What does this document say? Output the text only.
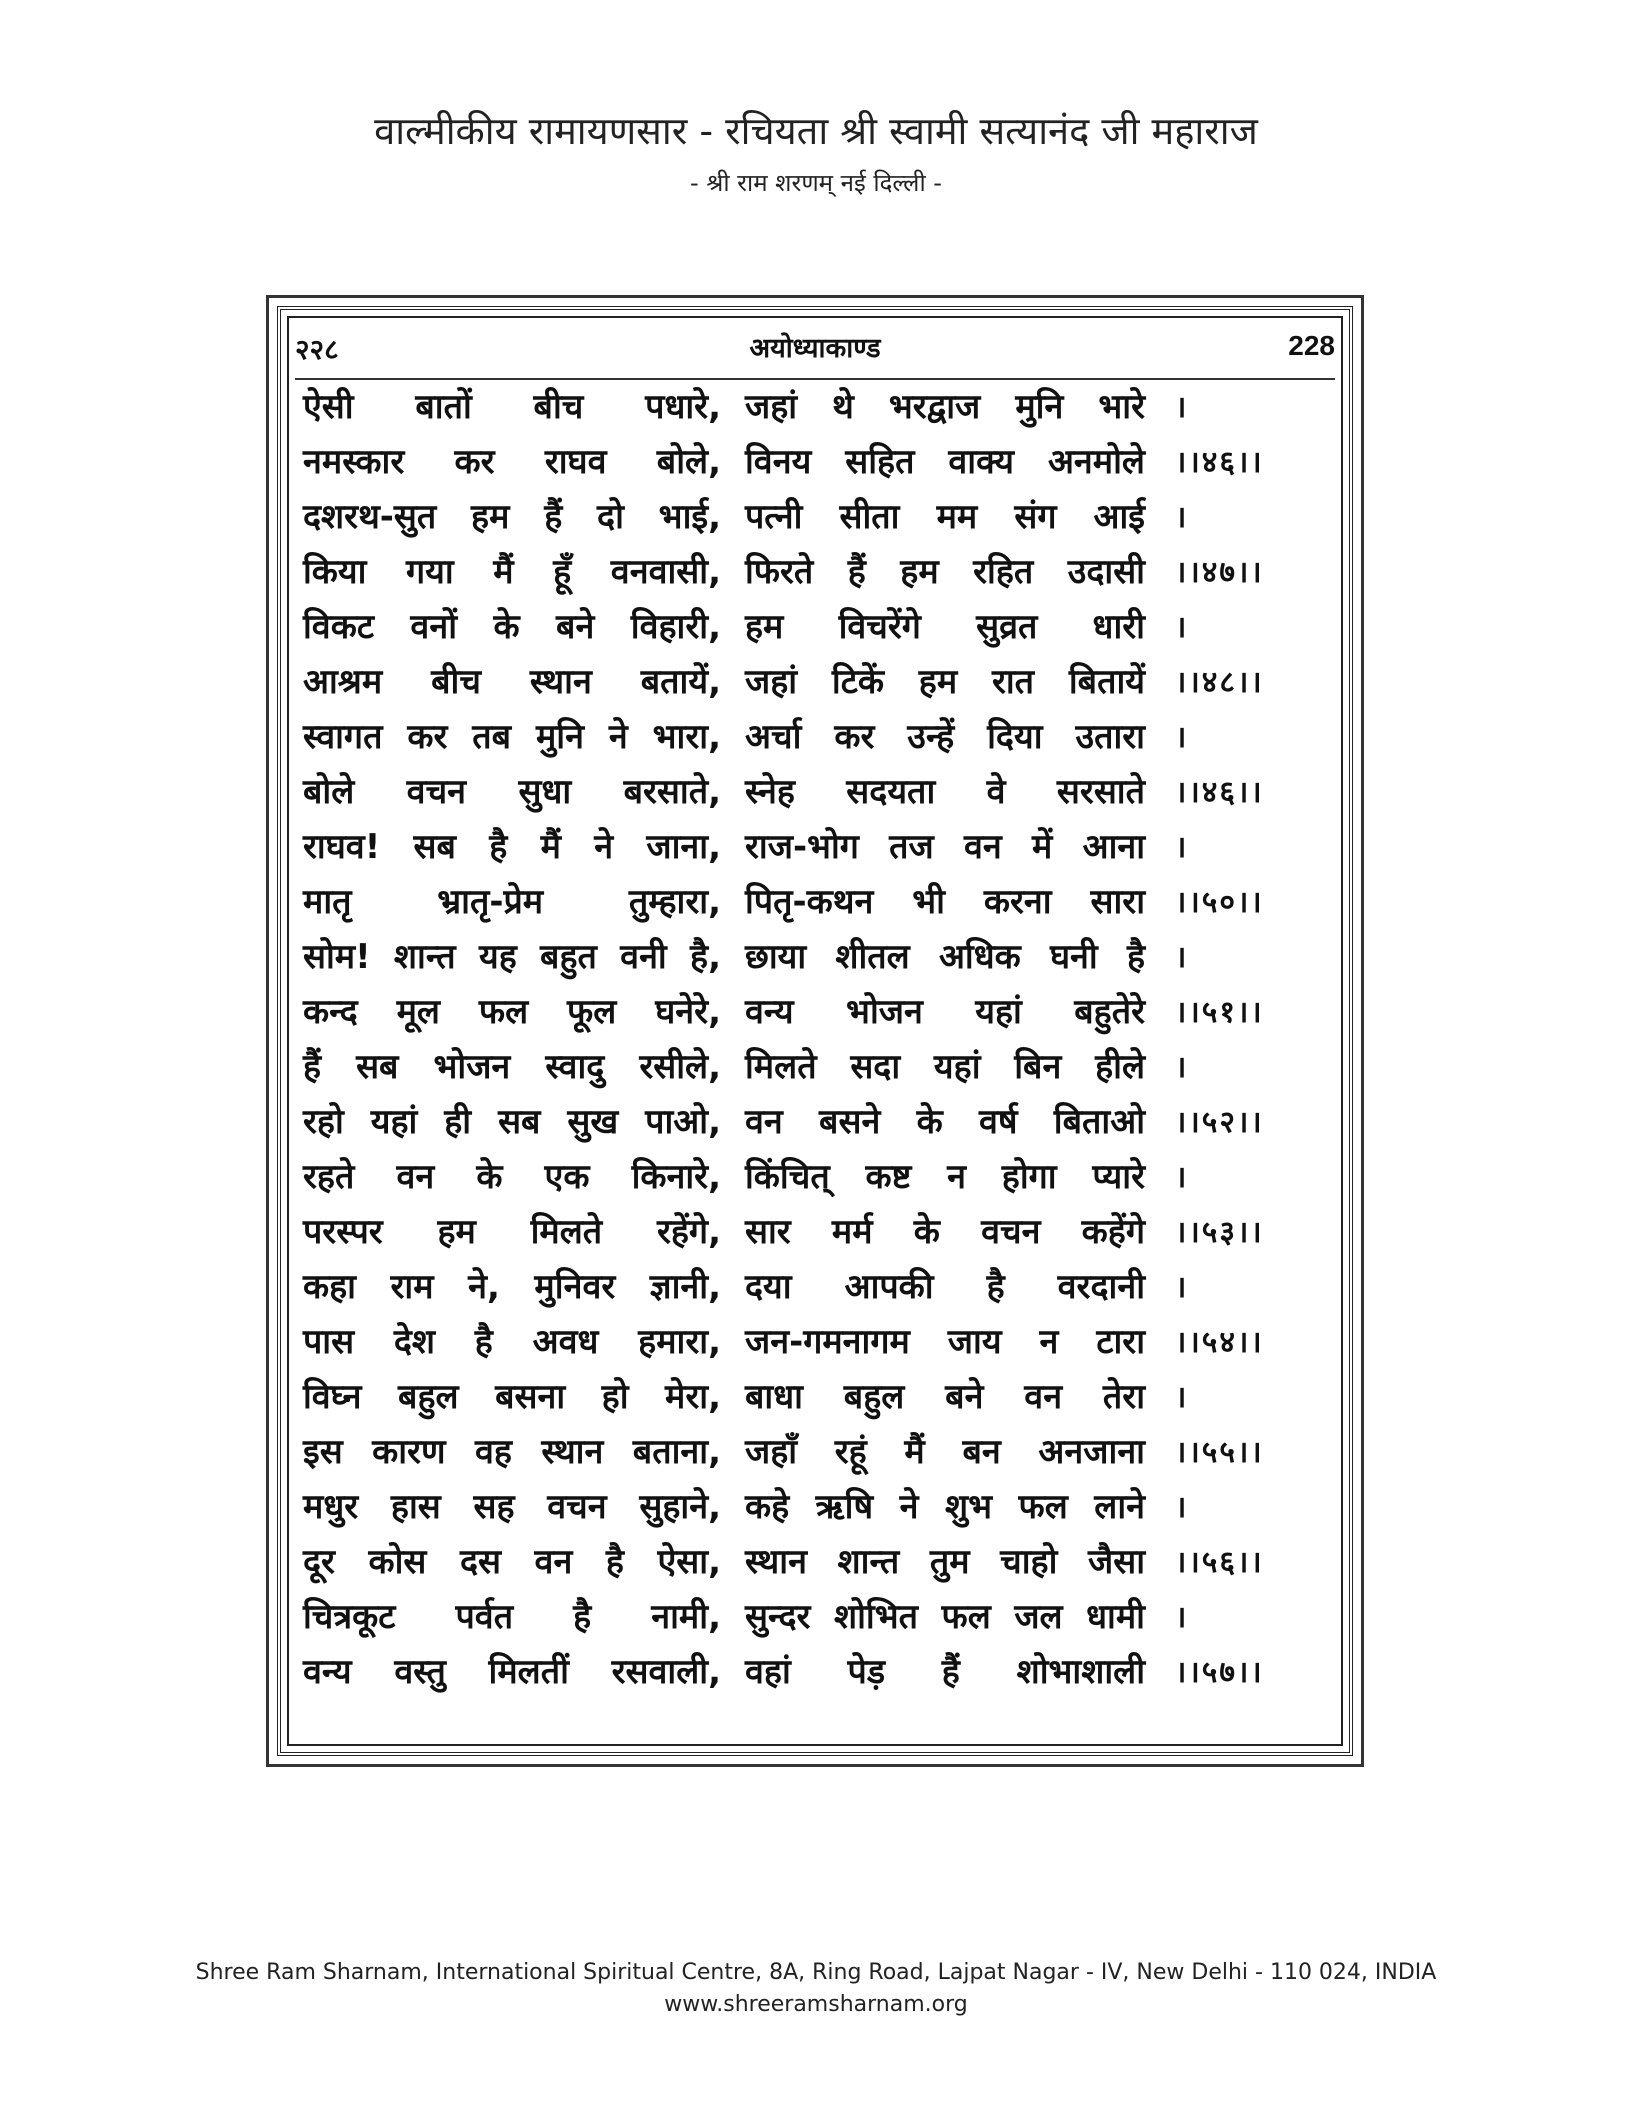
वाल्मीकीय रामायणसार - रचियता श्री स्वामी सत्यानंद जी महाराज
- श्री राम शरणम् नई दिल्ली -
२२८	अयोध्याकाण्ड	228
ऐसी बातों बीच पधारे, जहां थे भरद्वाज मुनि भारे ।
नमस्कार कर राघव बोले, विनय सहित वाक्य अनमोले ।।४६।।
दशरथ-सुत हम हैं दो भाई, पत्नी सीता मम संग आई ।
किया गया मैं हूँ वनवासी, फिरते हैं हम रहित उदासी ।।४७।।
विकट वनों के बने विहारी, हम विचरेंगे सुव्रत धारी ।
आश्रम बीच स्थान बतायें, जहां टिकें हम रात बितायें ।।४८।।
स्वागत कर तब मुनि ने भारा, अर्चा कर उन्हें दिया उतारा ।
बोले वचन सुधा बरसाते, स्नेह सदयता वे सरसाते ।।४६।।
राघव! सब है मैं ने जाना, राज-भोग तज वन में आना ।
मातृ भ्रातृ-प्रेम तुम्हारा, पितृ-कथन भी करना सारा ।।५०।।
सोम! शान्त यह बहुत वनी है, छाया शीतल अधिक घनी है ।
कन्द मूल फल फूल घनेरे, वन्य भोजन यहां बहुतेरे ।।५१।।
हैं सब भोजन स्वादु रसीले, मिलते सदा यहां बिन हीले ।
रहो यहां ही सब सुख पाओ, वन बसने के वर्ष बिताओ ।।५२।।
रहते वन के एक किनारे, किंचित् कष्ट न होगा प्यारे ।
परस्पर हम मिलते रहेंगे, सार मर्म के वचन कहेंगे ।।५३।।
कहा राम ने, मुनिवर ज्ञानी, दया आपकी है वरदानी ।
पास देश है अवध हमारा, जन-गमनागम जाय न टारा ।।५४।।
विघ्न बहुल बसना हो मेरा, बाधा बहुल बने वन तेरा ।
इस कारण वह स्थान बताना, जहाँ रहूं मैं बन अनजाना ।।५५।।
मधुर हास सह वचन सुहाने, कहे ऋषि ने शुभ फल लाने ।
दूर कोस दस वन है ऐसा, स्थान शान्त तुम चाहो जैसा ।।५६।।
चित्रकूट पर्वत है नामी, सुन्दर शोभित फल जल धामी ।
वन्य वस्तु मिलतीं रसवाली, वहां पेड़ हैं शोभाशाली ।।५७।।
Shree Ram Sharnam, International Spiritual Centre, 8A, Ring Road, Lajpat Nagar - IV, New Delhi - 110 024, INDIA
www.shreeramsharnam.org
